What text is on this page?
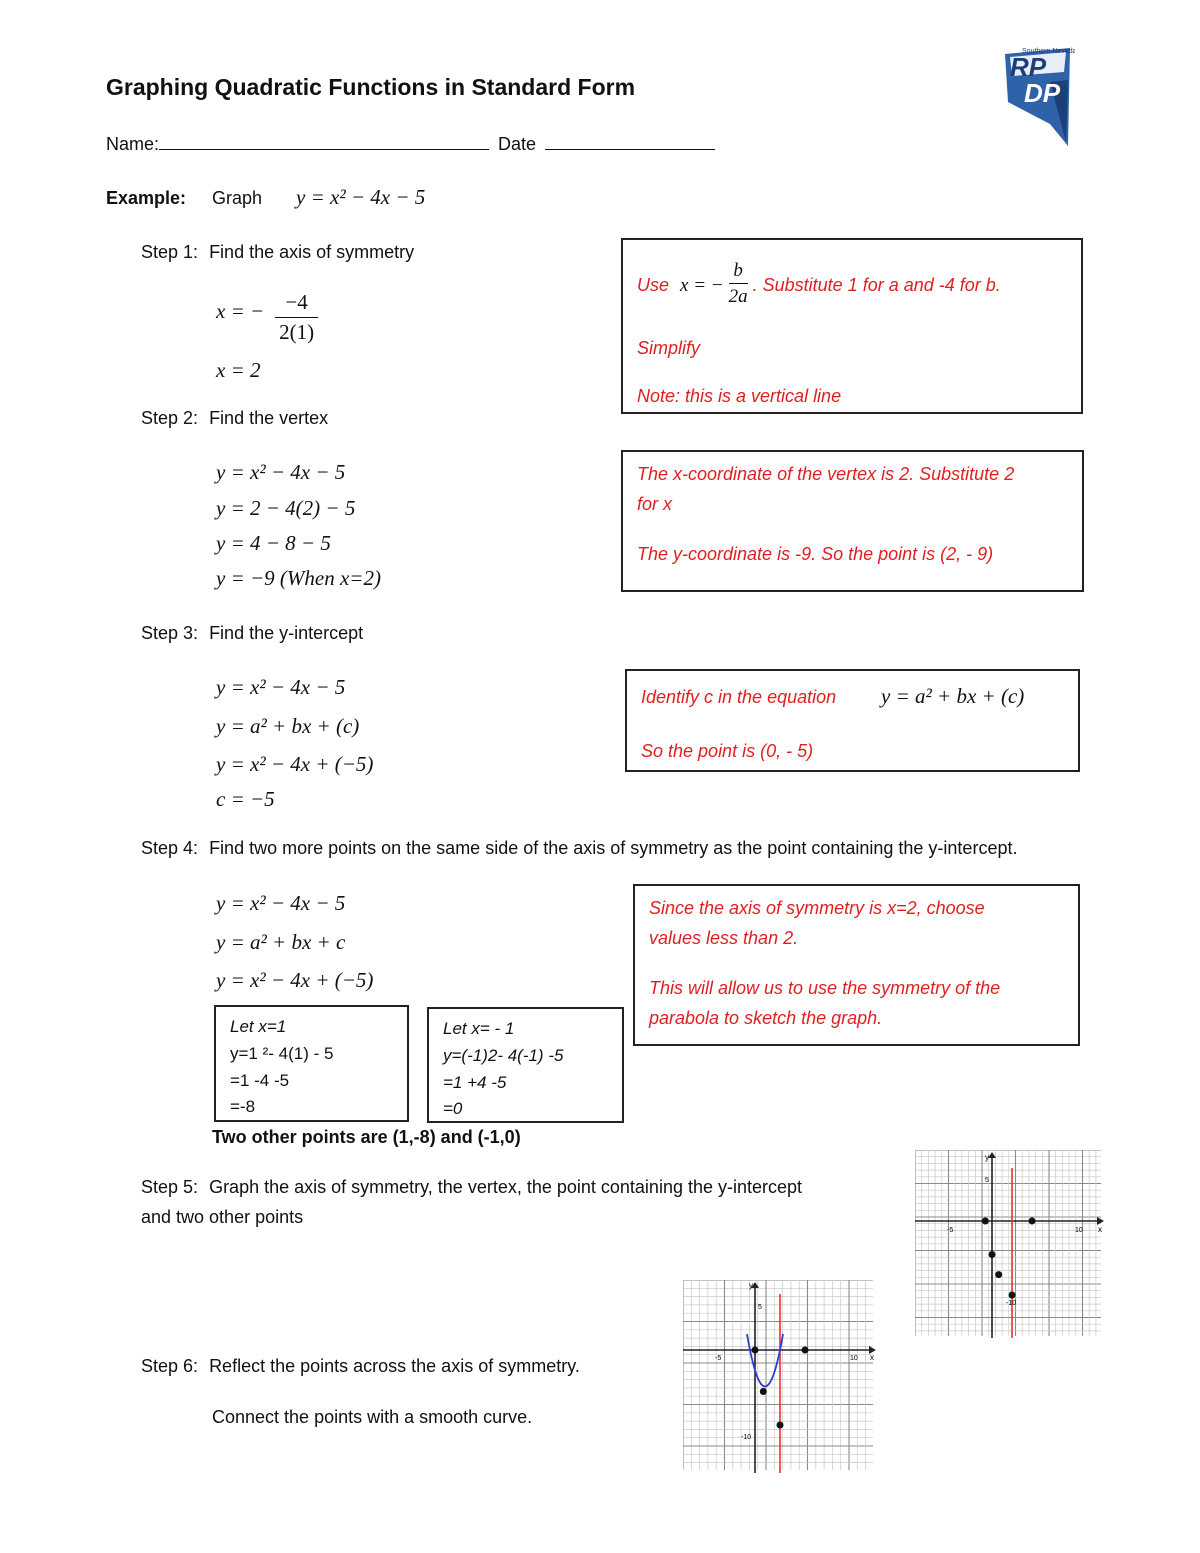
Southern Nevada
RP
DP
Graphing Quadratic Functions in Standard Form
Name:	Date
Example: Graph y = x² − 4x − 5
Step 1: Find the axis of symmetry
x = − $\frac{-4}{2(1)}$
x = 2
Use x = − $\frac{b}{2a}$ . Substitute 1 for a and -4 for b.
Simplify
Note: this is a vertical line
Step 2: Find the vertex
y = x² − 4x − 5
y = 2 − 4(2) − 5
y = 4 − 8 − 5
y = −9 (When x=2)
The x-coordinate of the vertex is 2. Substitute 2
for x
The y-coordinate is -9. So the point is (2, - 9)
Step 3: Find the y-intercept
y = x² − 4x − 5
y = a² + bx + (c)
y = x² − 4x + (−5)
c = −5
Identify c in the equation y = a² + bx + (c)
So the point is (0, - 5)
Step 4: Find two more points on the same side of the axis of symmetry as the point containing the y-intercept.
y = x² − 4x − 5
y = a² + bx + c
y = x² − 4x + (−5)
Since the axis of symmetry is x=2, choose
values less than 2.
This will allow us to use the symmetry of the
parabola to sketch the graph.
Let x=1
y=1 ²- 4(1) - 5
=1 -4 -5
=-8
Let x= - 1
y=(-1)2- 4(-1) -5
=1 +4 -5
=0
Two other points are (1,-8) and (-1,0)
Step 5: Graph the axis of symmetry, the vertex, the point containing the y-intercept
and two other points
Step 6: Reflect the points across the axis of symmetry.
Connect the points with a smooth curve.
y
x
-5	10
5
-10
y
x
-5	10
5
-10
